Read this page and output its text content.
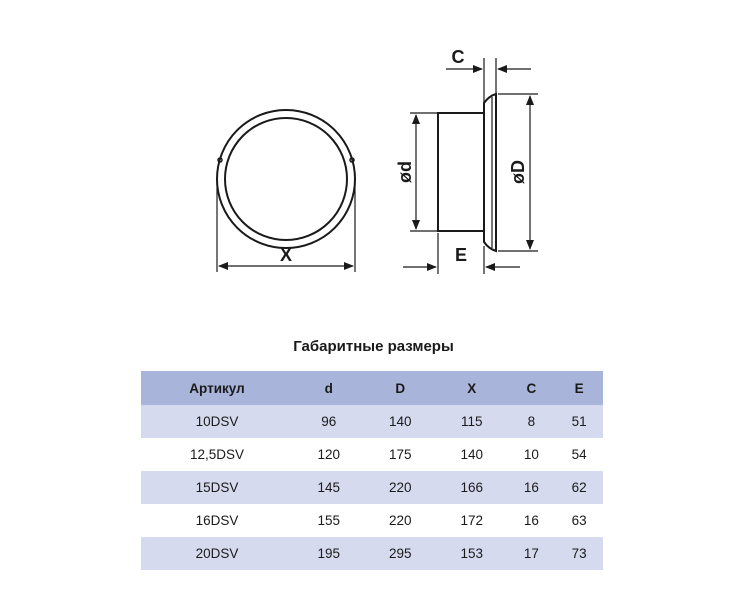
X
ød	øD
C
E
Габаритные размеры
Артикул	d	D	X	C	E
10DSV	96	140	115	8	51
12,5DSV	120	175	140	10	54
15DSV	145	220	166	16	62
16DSV	155	220	172	16	63
20DSV	195	295	153	17	73
